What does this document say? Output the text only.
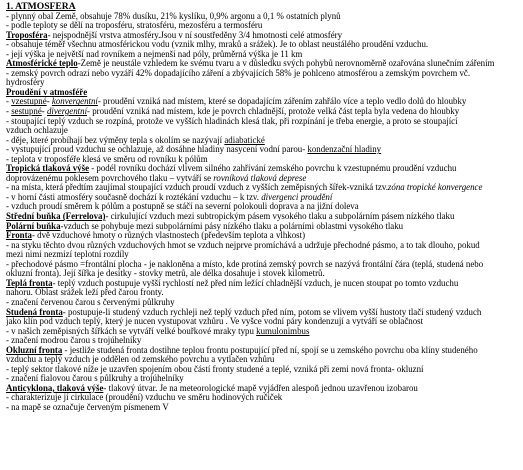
1. ATMOSFÉRA
- plynný obal Země, obsahuje 78% dusíku, 21% kyslíku, 0,9% argonu a 0,1 % ostatních plynů
- podle teploty se dělí na troposféru, stratosféru, mezosféru a termosféru
Troposféra- nejspodnější vrstva atmosféry.Jsou v ní soustředěny 3/4 hmotnosti celé atmosféry
- obsahuje téměř všechnu atmosférickou vodu (vznik mlhy, mraků a srážek). Je to oblast neustálého proudění vzduchu.
- její výška je největší nad rovníkem a nejmenší nad póly, průměrná výška je 11 km
Atmosférické teplo-Země je neustále vzhledem ke svému tvaru a v důsledku svých pohybů nerovnoměrně ozařována slunečním zářením
- zemský povrch odrazí nebo vyzáří 42% dopadajícího záření a zbývajících 58% je pohlceno atmosférou a zemským povrchem vč.
hydrosféry
Proudění v atmosféře
- vzestupné- konvergentní- proudění vzniká nad místem, které se dopadajícím zářením zahřálo více a teplo vedlo dolů do hloubky
- sestupné- divergentní- proudění vzniká nad místem, kde je povrch chladnější, protože velká část tepla byla vedena do hloubky
- stoupající teplý vzduch se rozpíná, protože ve vyšších hladinách klesá tlak, při rozpínání je třeba energie, a proto se stoupající
vzduch ochlazuje
- děje, které probíhají bez výměny tepla s okolím se nazývají adiabatické
- vystupující proud vzduchu se ochlazuje, až dosáhne hladiny nasycení vodní parou- kondenzační hladiny
- teplota v troposféře klesá ve směru od rovníku k pólům
Tropická tlaková výše - podél rovníku dochází vlivem silného zahřívání zemského povrchu k vzestupnému proudění vzduchu
doprovázenému poklesem povrchového tlaku – vytváří se rovníková tlaková deprese
- na místa, která předtím zaujímal stoupající vzduch proudí vzduch z vyšších zeměpisných šířek-vzniká tzv.zóna tropické konvergence
- v horní části atmosféry současně dochází k roztékání vzduchu – k tzv. divergenci proudění
- vzduch proudí směrem k pólům a postupně se stáčí na severní polokouli doprava a na jižní doleva
Střední buňka (Ferrelova)- cirkulující vzduch mezi subtropickým pásem vysokého tlaku a subpolárním pásem nízkého tlaku
Polární buňka-vzduch se pohybuje mezi subpolárními pásy nízkého tlaku a polárními oblastmi vysokého tlaku
Fronta- dvě vzduchové hmoty o různých vlastnostech (především teplota a vlhkost)
- na styku těchto dvou různých vzduchových hmot se vzduch nejprve promíchává a udržuje přechodné pásmo, a to tak dlouho, pokud
mezi nimi nezmizí teplotní rozdíly
- přechodové pásmo =frontální plocha - je nakloněna a místo, kde protíná zemský povrch se nazývá frontální čára (teplá, studená nebo
okluzní fronta). Její šířka je desítky - stovky metrů, ale délka dosahuje i stovek kilometrů.
Teplá fronta- teplý vzduch postupuje vyšší rychlostí než před ním ležící chladnější vzduch, je nucen stoupat po tomto vzduchu
nahoru. Oblast srážek leží před čarou fronty.
- značení červenou čarou s červenými půlkruhy
Studená fronta- postupuje-li studený vzduch rychleji než teplý vzduch před ním, potom se vlivem vyšší hustoty tlačí studený vzduch
jako klín pod vzduch teplý, který je nucen vystupovat vzhůru . Ve vyšce vodní páry kondenzují a vytváří se oblačnost
- v našich zeměpisných šířkách se vytváří velké bouřkové mraky typu kumulonimbus
- značení modrou čarou s trojúhelníky
Okluzní fronta - jestliže studená fronta dostihne teplou frontu postupující před ní, spojí se u zemského povrchu oba klíny studeného
vzduchu a teplý vzduch je oddělen od zemského povrchu a vytlačen vzhůru
- teplý sektor tlakové níže je uzavřen spojením obou částí fronty studené a teplé, vzniká při zemi nová fronta- okluzní
- značení fialovou čarou s půlkruhy a trojúhelníky
Anticyklona, tlaková výše- tlakový útvar. Je na meteorologické mapě vyjádřen alespoň jednou uzavřenou izobarou
- charakterizuje jí cirkulace (proudění) vzduchu ve směru hodinových ručiček
- na mapě se označuje červeným písmenem V
